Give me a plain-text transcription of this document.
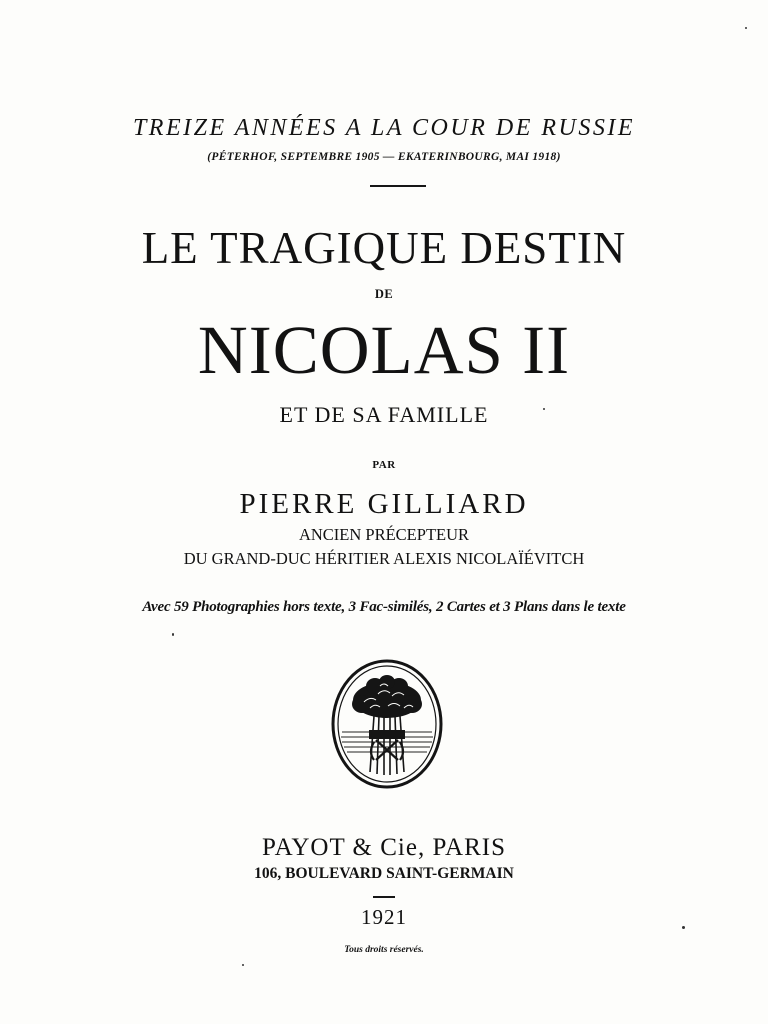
TREIZE ANNÉES A LA COUR DE RUSSIE
(PÉTERHOF, SEPTEMBRE 1905 — EKATERINBOURG, MAI 1918)
LE TRAGIQUE DESTIN
DE
NICOLAS II
ET DE SA FAMILLE
PAR
PIERRE GILLIARD
ANCIEN PRÉCEPTEUR
DU GRAND-DUC HÉRITIER ALEXIS NICOLAÏÉVITCH
Avec 59 Photographies hors texte, 3 Fac-similés, 2 Cartes et 3 Plans dans le texte
PAYOT & Cie, PARIS
106, BOULEVARD SAINT-GERMAIN
1921
Tous droits réservés.
